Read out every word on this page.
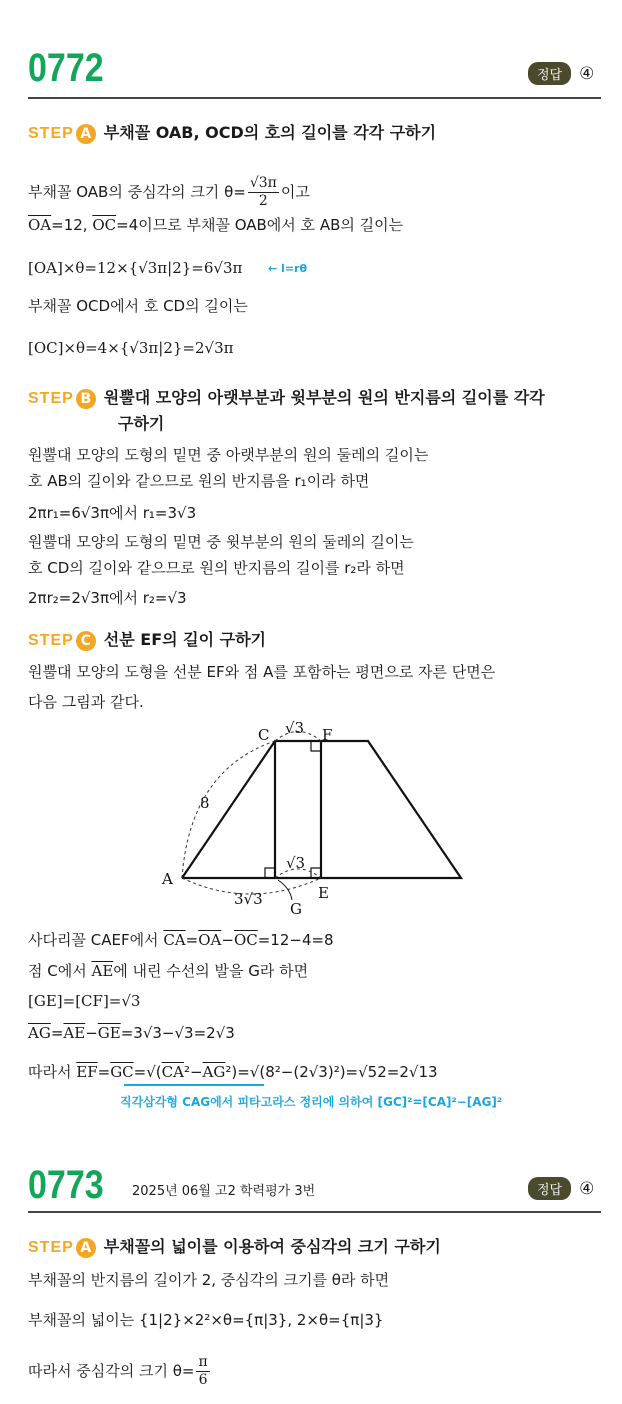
0772	정답	④
STEP A 부채꼴 OAB, OCD의 호의 길이를 각각 구하기
부채꼴 OAB의 중심각의 크기 $\theta= \frac{√3\pi}{2}$ 이고
$\overline{OA}=12$, $\overline{OC}=4$이므로 부채꼴 OAB에서 호 AB의 길이는
[OA]×θ=12×{√3π|2}=6√3π ← l=rθ
부채꼴 OCD에서 호 CD의 길이는
[OC]×θ=4×{√3π|2}=2√3π
STEP B 원뿔대 모양의 아랫부분과 윗부분의 원의 반지름의 길이를 각각
구하기
원뿔대 모양의 도형의 밑면 중 아랫부분의 원의 둘레의 길이는
호 AB의 길이와 같으므로 원의 반지름을 r₁이라 하면
2πr₁=6√3π에서 r₁=3√3
원뿔대 모양의 도형의 밑면 중 윗부분의 원의 둘레의 길이는
호 CD의 길이와 같으므로 원의 반지름의 길이를 r₂라 하면
2πr₂=2√3π에서 r₂=√3
STEP C 선분 EF의 길이 구하기
원뿔대 모양의 도형을 선분 EF와 점 A를 포함하는 평면으로 자른 단면은
다음 그림과 같다.
A
C	F
E
G
8
√3
√3
3√3
사다리꼴 CAEF에서 $\overline{CA}=\overline{OA}-\overline{OC}=12-4=8$
점 C에서 $\overline{AE}$에 내린 수선의 발을 G라 하면
[GE]=[CF]=√3
$\overline{AG}=\overline{AE}-\overline{GE}=3√3-√3=2√3$
따라서 $\overline{EF}=\overline{GC}=√(\overline{CA}^2-\overline{AG}^2)=√(8^2-(2√3)^2)=√52=2√13$
직각삼각형 CAG에서 피타고라스 정리에 의하여 [GC]²=[CA]²−[AG]²
0773 2025년 06월 고2 학력평가 3번	정답	④
STEP A 부채꼴의 넓이를 이용하여 중심각의 크기 구하기
부채꼴의 반지름의 길이가 2, 중심각의 크기를 θ라 하면
부채꼴의 넓이는 {1|2}×2²×θ={π|3}, 2×θ={π|3}
따라서 중심각의 크기 $\theta= \frac{\pi}{6}$
